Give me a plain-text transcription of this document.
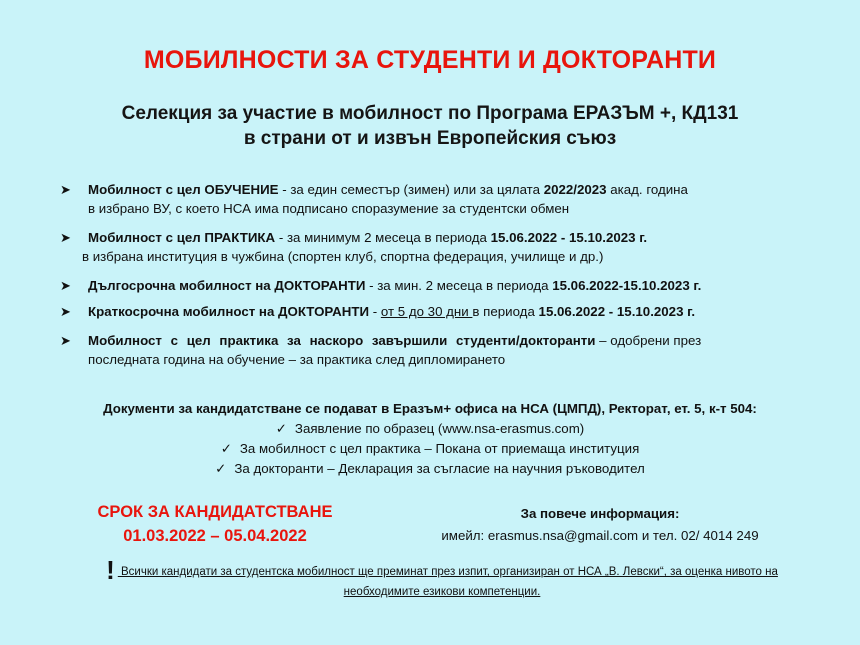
МОБИЛНОСТИ ЗА СТУДЕНТИ И ДОКТОРАНТИ
Селекция за участие в мобилност по Програма ЕРАЗЪМ +, КД131
в страни от и извън Европейския съюз
➤ Мобилност с цел ОБУЧЕНИЕ - за един семестър (зимен) или за цялата 2022/2023 акад. година

в избрано ВУ, с което НСА има подписано споразумение за студентски обмен

➤ Мобилност с цел ПРАКТИКА - за минимум 2 месеца в периода 15.06.2022 - 15.10.2023 г.

в избрана институция в чужбина (спортен клуб, спортна федерация, училище и др.)

➤ Дългосрочна мобилност на ДОКТОРАНТИ - за мин. 2 месеца в периода 15.06.2022-15.10.2023 г.

➤ Краткосрочна мобилност на ДОКТОРАНТИ - от 5 до 30 дни в периода 15.06.2022 - 15.10.2023 г.

➤ Мобилност с цел практика за наскоро завършили студенти/докторанти – одобрени през

последната година на обучение – за практика след дипломирането

Документи за кандидатстване се подават в Еразъм+ офиса на НСА (ЦМПД), Ректорат, ет. 5, к-т 504:
✓ Заявление по образец (www.nsa-erasmus.com)
✓ За мобилност с цел практика – Покана от приемаща институция
✓ За докторанти – Декларация за съгласие на научния ръководител
СРОК ЗА КАНДИДАТСТВАНЕ
01.03.2022 – 05.04.2022
За повече информация:
имейл: erasmus.nsa@gmail.com и тел. 02/ 4014 249
! Всички кандидати за студентска мобилност ще преминат през изпит, организиран от НСА „В. Левски“, за оценка нивото на
необходимите езикови компетенции.
